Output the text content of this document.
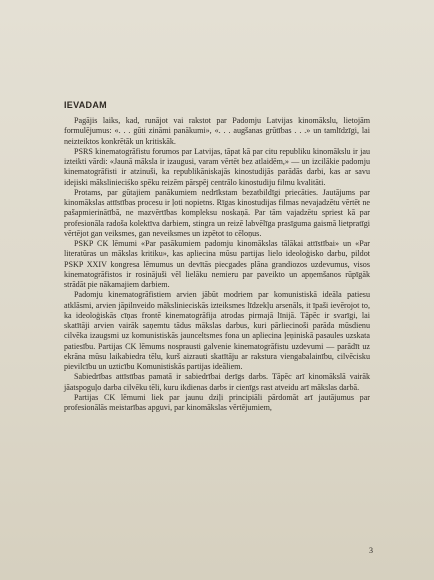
IEVADAM

Pagājis laiks, kad, runājot vai rakstot par Padomju Latvijas kinomākslu, lietojām formulējumus: «. . . gūti zināmi panākumi», «. . . augšanas grūtības . . .» un tamlīdzīgi, lai neizteiktos konkrētāk un kritiskāk.

PSRS kinematogrāfistu forumos par Latvijas, tāpat kā par citu republiku kinomākslu ir jau izteikti vārdi: «Jaunā māksla ir izaugusi, varam vērtēt bez atlaidēm,» — un izcilākie padomju kinematogrāfisti ir atzinuši, ka republikāniskajās kinostudijās parādās darbi, kas ar savu ideįiski mākslinieciśko spēku reizēm pārspēj centrālo kinostudiju filmu kvalitāti.

Protams, par gūtajiem panākumiem nedrīkstam bezatbildīgi priecāties. Jautājums par kinomākslas attīstības procesu ir ļoti nopietns. Rīgas kinostudijas filmas nevajadzētu vērtēt ne pašapmierinātībā, ne mazvērtības kompleksu noskaņā. Par tām vajadzētu spriest kā par profesionāla radoša kolektīva darbiem, stingra un reizē labvēlīga prasīguma gaismā lietpratīgi vērtējot gan veiksmes, gan neveiksmes un izpētot to cēloņus.

PSKP CK lēmumi «Par pasākumiem padomju kinomākslas tālākai attīstībai» un «Par literatūras un mākslas kritiku», kas apliecina mūsu partijas lielo ideoloģisko darbu, pildot PSKP XXIV kongresa lēmumus un devītās piecgades plāna grandiozos uzdevumus, visos kinematogrāfistos ir rosinājuši vēl lielāku nemieru par paveikto un apņemšanos rūpīgāk strādāt pie nākamajiem darbiem.

Padomju kinematogrāfistiem arvien jābūt modriem par komunistiskā ideāla patiesu atklāsmi, arvien jāpilnveido mākslinieciskās izteiksmes līdzekļu arsenāls, it īpaši ievērojot to, ka ideoloģiskās cīņas frontē kinematogrāfija atrodas pirmajā līnijā. Tāpēc ir svarīgi, lai skatītāji arvien vairāk saņemtu tādus mākslas darbus, kuri pārliecinoši parāda mūsdienu cilvēka izaugsmi uz komunistiskās jaunceltsmes fona un apliecina ļeņiniskā pasaules uzskata patiesību. Partijas CK lēmums nosprausti galvenie kinematogrāfistu uzdevumi — parādīt uz ekrāna mūsu laikabiedra tēlu, kurš aizrauti skatītāju ar rakstura viengabalainību, cilvēcisku pievilcību un uzticību Komunistiskās partijas ideāliem.

Sabiedrības attīstības pamatā ir sabiedrībai derīgs darbs. Tāpēc arī kinomākslā vairāk jāatspoguļo darba cilvēku tēli, kuru ikdienas darbs ir cienīgs rast atveidu arī mākslas darbā.

Partijas CK lēmumi liek par jaunu dziļi principiāli pārdomāt arī jautājumus par profesionālās meistarības apguvi, par kinomākslas vērtējumiem,

3
